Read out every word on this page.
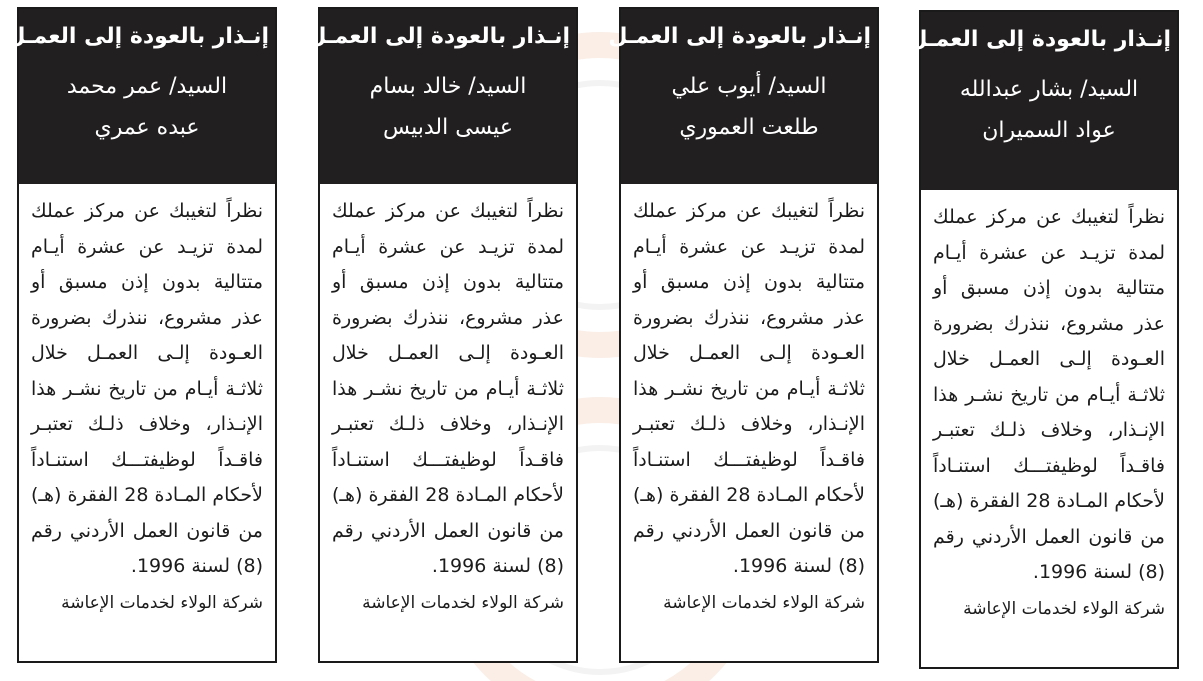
إنـذار بالعودة إلى العمـل
السيد/ بشار عبدالله
عواد السميران
نظراً لتغيبك عن مركز عملك لمدة تزيـد عن عشرة أيـام متتالية بدون إذن مسبق أو عذر مشروع، ننذرك بضرورة العـودة إلـى العمـل خلال ثلاثـة أيـام من تاريخ نشـر هذا الإنـذار، وخلاف ذلـك تعتبـر فاقـداً لوظيفتـــك استنـاداً لأحكام المـادة 28 الفقرة (هـ) من قانون العمل الأردني رقم (8) لسنة 1996.
شركة الولاء لخدمات الإعاشة
إنـذار بالعودة إلى العمـل
السيد/ أيوب علي
طلعت العموري
نظراً لتغيبك عن مركز عملك لمدة تزيـد عن عشرة أيـام متتالية بدون إذن مسبق أو عذر مشروع، ننذرك بضرورة العـودة إلـى العمـل خلال ثلاثـة أيـام من تاريخ نشـر هذا الإنـذار، وخلاف ذلـك تعتبـر فاقـداً لوظيفتـــك استنـاداً لأحكام المـادة 28 الفقرة (هـ) من قانون العمل الأردني رقم (8) لسنة 1996.
شركة الولاء لخدمات الإعاشة
إنـذار بالعودة إلى العمـل
السيد/ خالد بسام
عيسى الدبيس
نظراً لتغيبك عن مركز عملك لمدة تزيـد عن عشرة أيـام متتالية بدون إذن مسبق أو عذر مشروع، ننذرك بضرورة العـودة إلـى العمـل خلال ثلاثـة أيـام من تاريخ نشـر هذا الإنـذار، وخلاف ذلـك تعتبـر فاقـداً لوظيفتـــك استنـاداً لأحكام المـادة 28 الفقرة (هـ) من قانون العمل الأردني رقم (8) لسنة 1996.
شركة الولاء لخدمات الإعاشة
إنـذار بالعودة إلى العمـل
السيد/ عمر محمد
عبده عمري
نظراً لتغيبك عن مركز عملك لمدة تزيـد عن عشرة أيـام متتالية بدون إذن مسبق أو عذر مشروع، ننذرك بضرورة العـودة إلـى العمـل خلال ثلاثـة أيـام من تاريخ نشـر هذا الإنـذار، وخلاف ذلـك تعتبـر فاقـداً لوظيفتـــك استنـاداً لأحكام المـادة 28 الفقرة (هـ) من قانون العمل الأردني رقم (8) لسنة 1996.
شركة الولاء لخدمات الإعاشة
